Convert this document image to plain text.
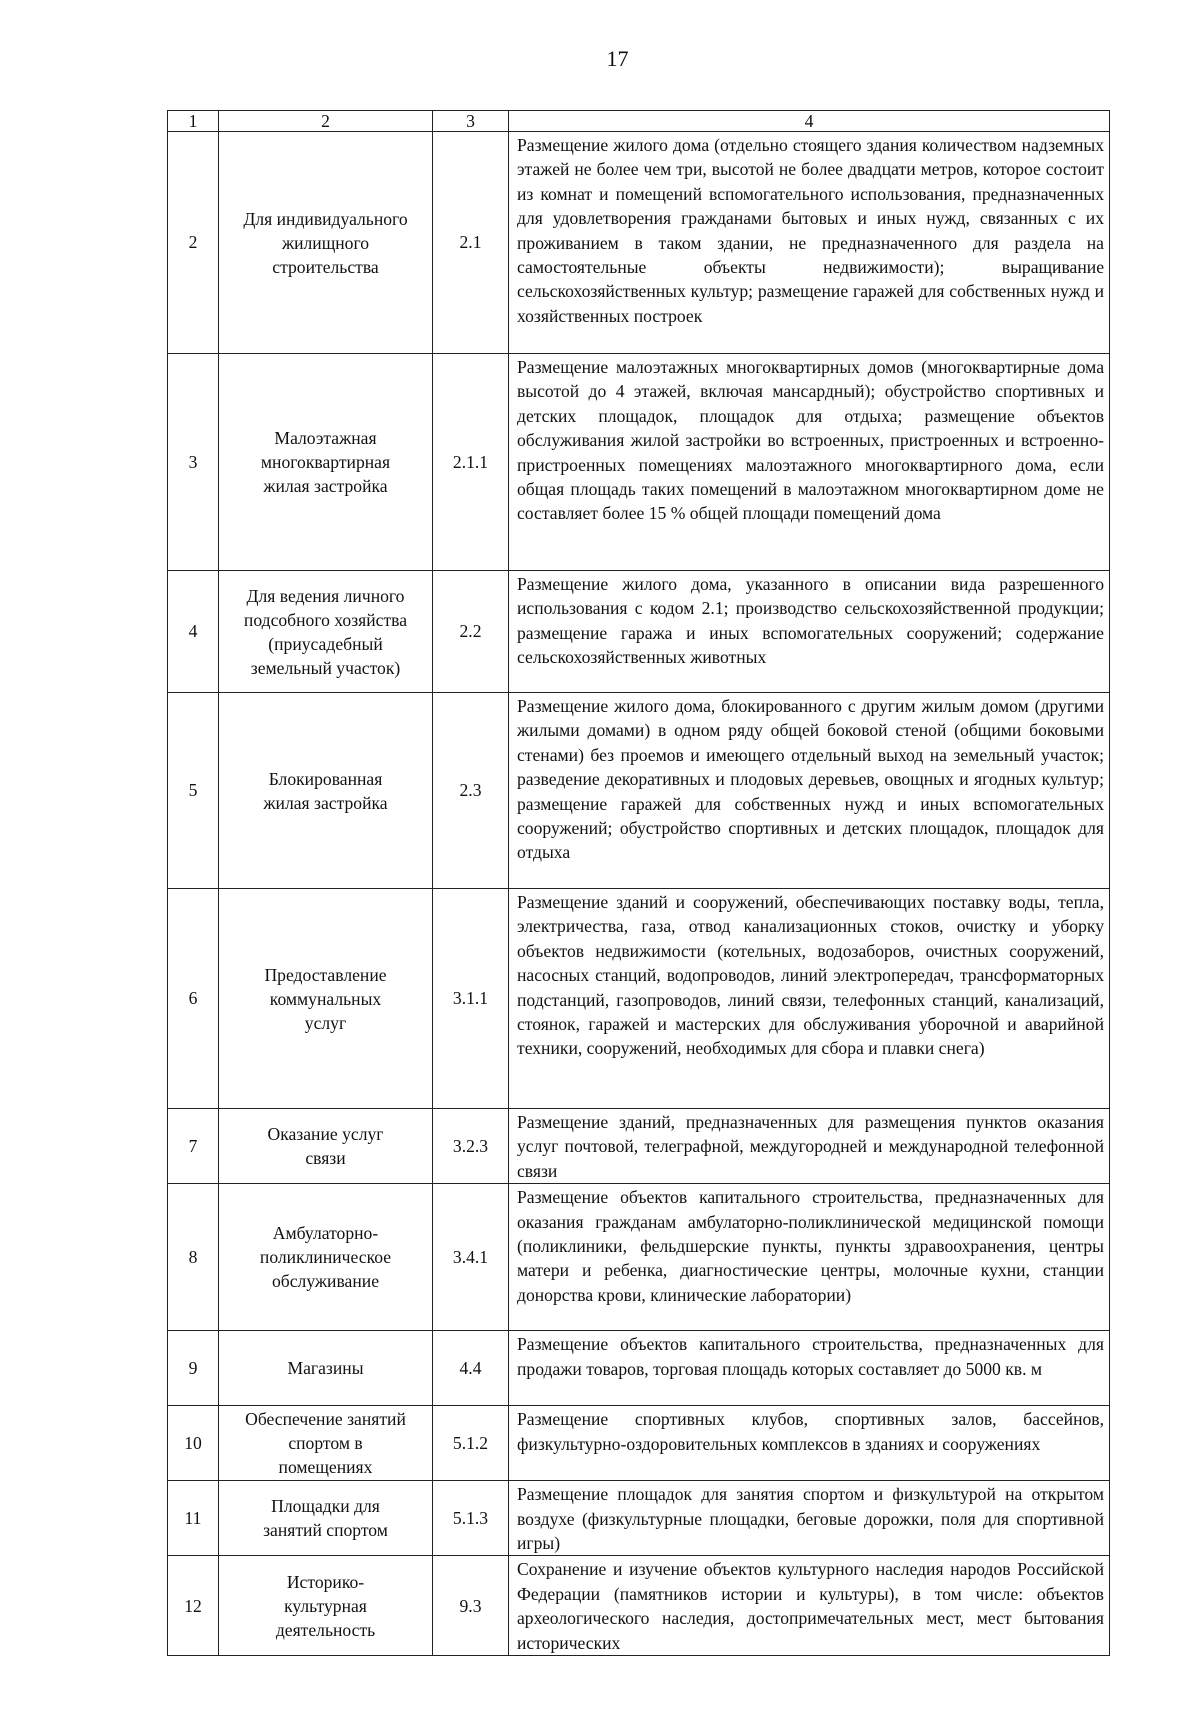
17
1	2	3	4
2	Для индивидуального жилищного строительства	2.1	Размещение жилого дома (отдельно стоящего здания количеством надземных этажей не более чем три, высотой не более двадцати метров, которое состоит из комнат и помещений вспомогательного использования, предназначенных для удовлетворения гражданами бытовых и иных нужд, связанных с их проживанием в таком здании, не предназначенного для раздела на самостоятельные объекты недвижимости); выращивание сельскохозяйственных культур; размещение гаражей для собственных нужд и хозяйственных построек
3	Малоэтажная многоквартирная жилая застройка	2.1.1	Размещение малоэтажных многоквартирных домов (многоквартирные дома высотой до 4 этажей, включая мансардный); обустройство спортивных и детских площадок, площадок для отдыха; размещение объектов обслуживания жилой застройки во встроенных, пристроенных и встроенно-пристроенных помещениях малоэтажного многоквартирного дома, если общая площадь таких помещений в малоэтажном многоквартирном доме не составляет более 15 % общей площади помещений дома
4	Для ведения личного подсобного хозяйства (приусадебный земельный участок)	2.2	Размещение жилого дома, указанного в описании вида разрешенного использования с кодом 2.1; производство сельскохозяйственной продукции; размещение гаража и иных вспомогательных сооружений; содержание сельскохозяйственных животных
5	Блокированная жилая застройка	2.3	Размещение жилого дома, блокированного с другим жилым домом (другими жилыми домами) в одном ряду общей боковой стеной (общими боковыми стенами) без проемов и имеющего отдельный выход на земельный участок; разведение декоративных и плодовых деревьев, овощных и ягодных культур; размещение гаражей для собственных нужд и иных вспомогательных сооружений; обустройство спортивных и детских площадок, площадок для отдыха
6	Предоставление коммунальных услуг	3.1.1	Размещение зданий и сооружений, обеспечивающих поставку воды, тепла, электричества, газа, отвод канализационных стоков, очистку и уборку объектов недвижимости (котельных, водозаборов, очистных сооружений, насосных станций, водопроводов, линий электропередач, трансформаторных подстанций, газопроводов, линий связи, телефонных станций, канализаций, стоянок, гаражей и мастерских для обслуживания уборочной и аварийной техники, сооружений, необходимых для сбора и плавки снега)
7	Оказание услуг связи	3.2.3	Размещение зданий, предназначенных для размещения пунктов оказания услуг почтовой, телеграфной, междугородней и международной телефонной связи
8	Амбулаторно-поликлиническое обслуживание	3.4.1	Размещение объектов капитального строительства, предназначенных для оказания гражданам амбулаторно-поликлинической медицинской помощи (поликлиники, фельдшерские пункты, пункты здравоохранения, центры матери и ребенка, диагностические центры, молочные кухни, станции донорства крови, клинические лаборатории)
9	Магазины	4.4	Размещение объектов капитального строительства, предназначенных для продажи товаров, торговая площадь которых составляет до 5000 кв. м
10	Обеспечение занятий спортом в помещениях	5.1.2	Размещение спортивных клубов, спортивных залов, бассейнов, физкультурно-оздоровительных комплексов в зданиях и сооружениях
11	Площадки для занятий спортом	5.1.3	Размещение площадок для занятия спортом и физкультурой на открытом воздухе (физкультурные площадки, беговые дорожки, поля для спортивной игры)
12	Историко-культурная деятельность	9.3	Сохранение и изучение объектов культурного наследия народов Российской Федерации (памятников истории и культуры), в том числе: объектов археологического наследия, достопримечательных мест, мест бытования исторических
